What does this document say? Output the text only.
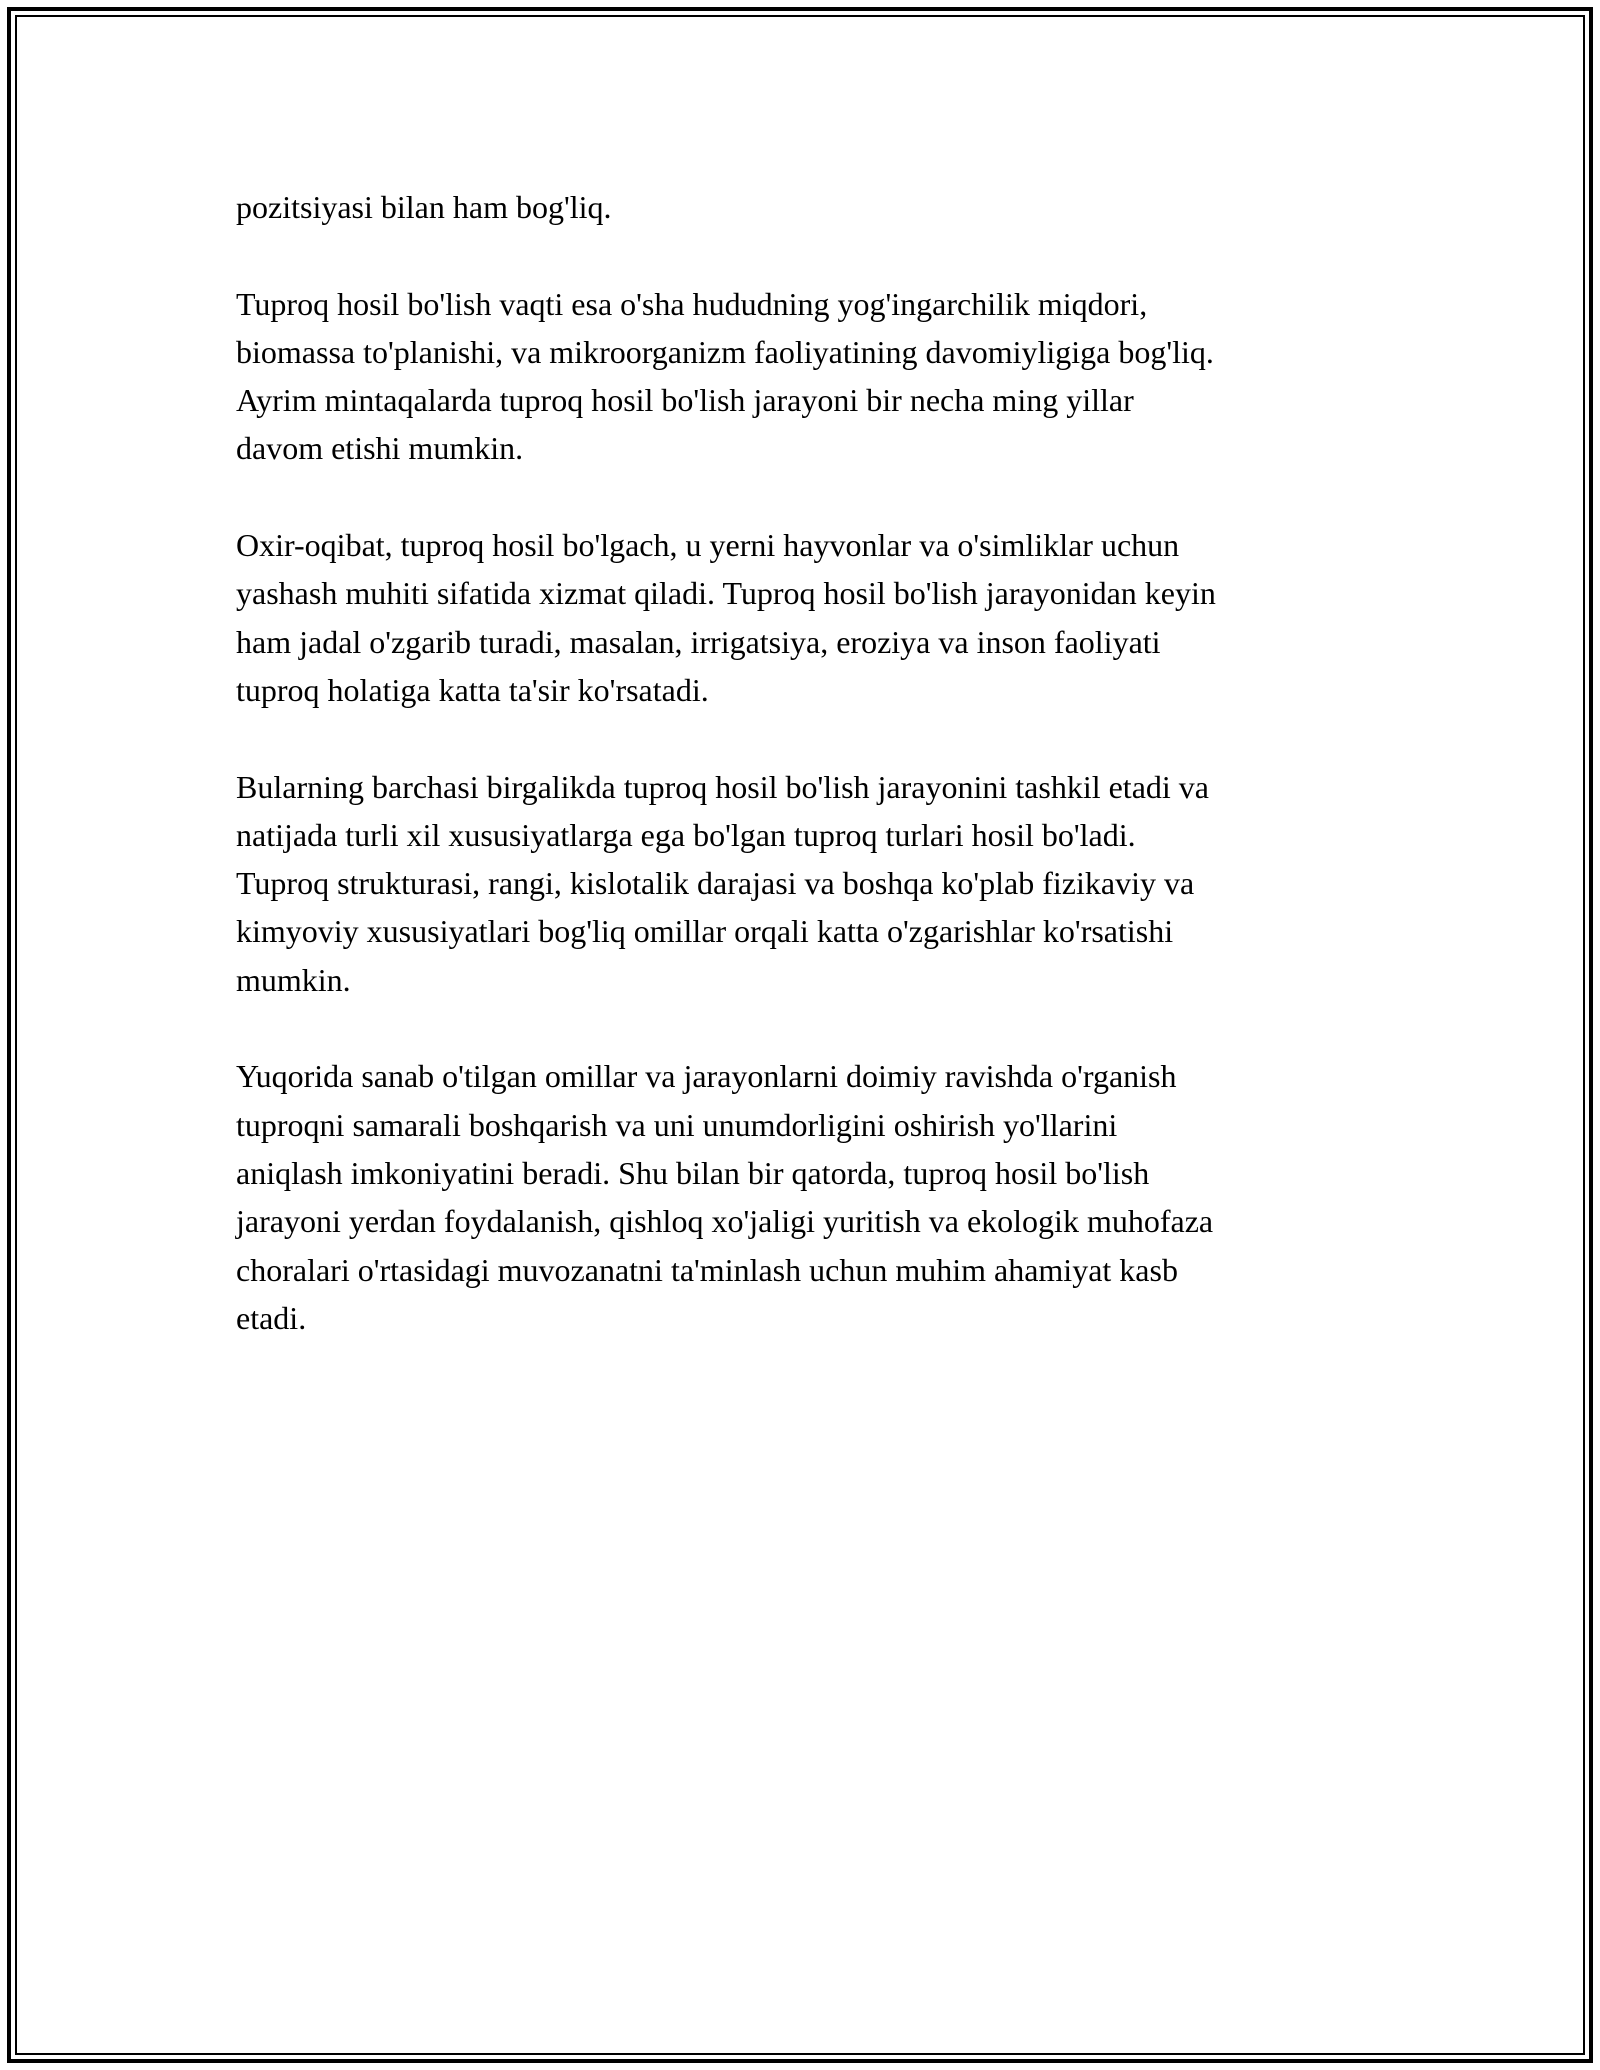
pozitsiyasi bilan ham bog'liq.

Tuproq hosil bo'lish vaqti esa o'sha hududning yog'ingarchilik miqdori,
biomassa to'planishi, va mikroorganizm faoliyatining davomiyligiga bog'liq.
Ayrim mintaqalarda tuproq hosil bo'lish jarayoni bir necha ming yillar
davom etishi mumkin.

Oxir-oqibat, tuproq hosil bo'lgach, u yerni hayvonlar va o'simliklar uchun
yashash muhiti sifatida xizmat qiladi. Tuproq hosil bo'lish jarayonidan keyin
ham jadal o'zgarib turadi, masalan, irrigatsiya, eroziya va inson faoliyati
tuproq holatiga katta ta'sir ko'rsatadi.

Bularning barchasi birgalikda tuproq hosil bo'lish jarayonini tashkil etadi va
natijada turli xil xususiyatlarga ega bo'lgan tuproq turlari hosil bo'ladi.
Tuproq strukturasi, rangi, kislotalik darajasi va boshqa ko'plab fizikaviy va
kimyoviy xususiyatlari bog'liq omillar orqali katta o'zgarishlar ko'rsatishi
mumkin.

Yuqorida sanab o'tilgan omillar va jarayonlarni doimiy ravishda o'rganish
tuproqni samarali boshqarish va uni unumdorligini oshirish yo'llarini
aniqlash imkoniyatini beradi. Shu bilan bir qatorda, tuproq hosil bo'lish
jarayoni yerdan foydalanish, qishloq xo'jaligi yuritish va ekologik muhofaza
choralari o'rtasidagi muvozanatni ta'minlash uchun muhim ahamiyat kasb
etadi.
